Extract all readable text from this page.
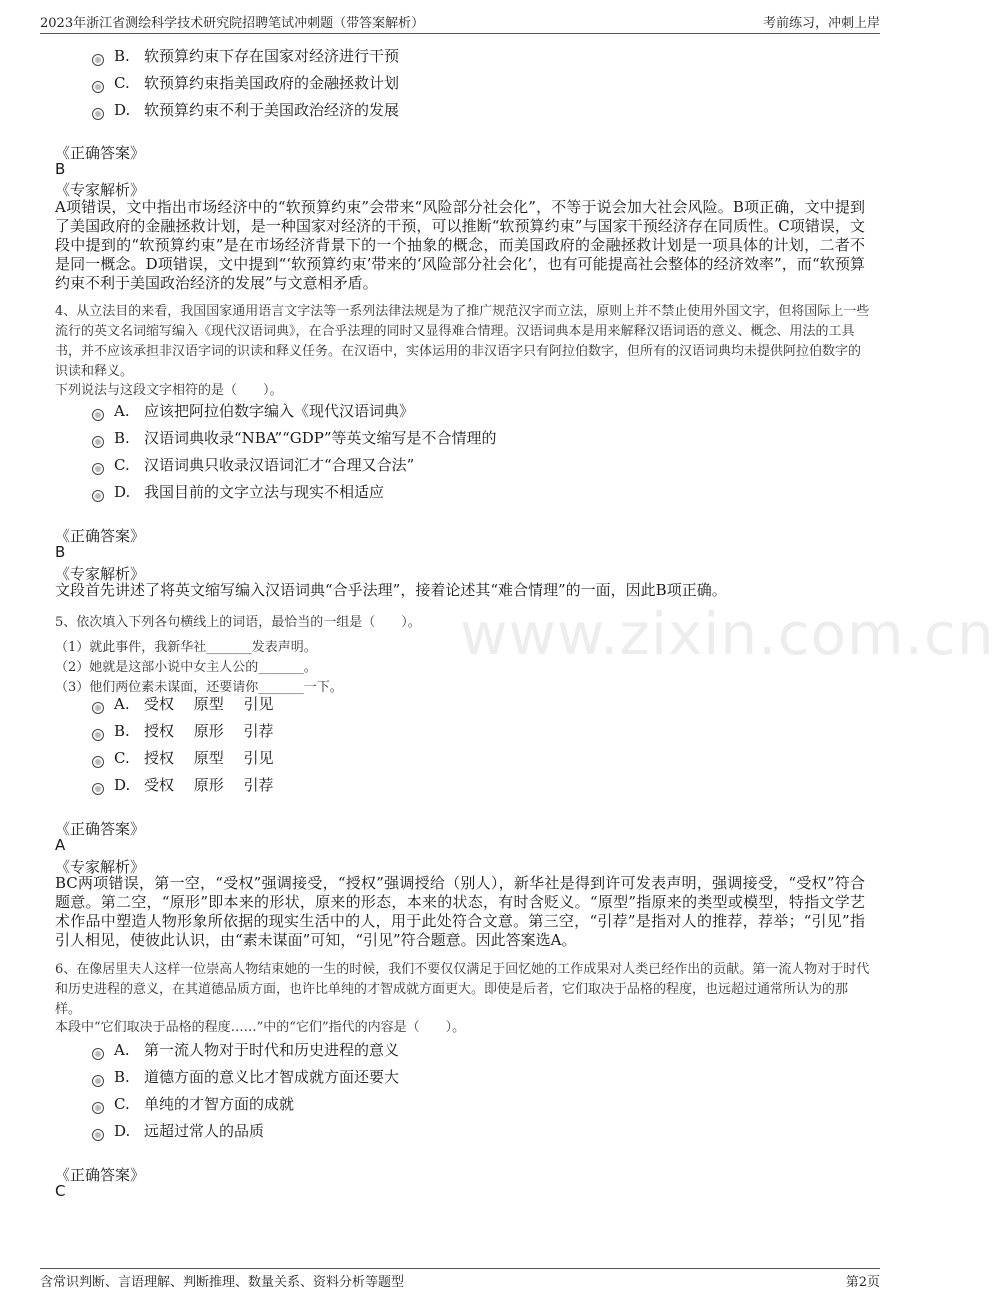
2023年浙江省测绘科学技术研究院招聘笔试冲刺题（带答案解析）	考前练习，冲刺上岸
www.zixin.com.cn
B. 软预算约束下存在国家对经济进行干预
C. 软预算约束指美国政府的金融拯救计划
D. 软预算约束不利于美国政治经济的发展
《正确答案》
B
《专家解析》
A项错误，文中指出市场经济中的“软预算约束”会带来“风险部分社会化”，不等于说会加大社会风险。B项正确，文中提到了美国政府的金融拯救计划，是一种国家对经济的干预，可以推断“软预算约束”与国家干预经济存在同质性。C项错误，文段中提到的“软预算约束”是在市场经济背景下的一个抽象的概念，而美国政府的金融拯救计划是一项具体的计划，二者不是同一概念。D项错误，文中提到“‘软预算约束’带来的‘风险部分社会化’，也有可能提高社会整体的经济效率”，而“软预算约束不利于美国政治经济的发展”与文意相矛盾。
4、从立法目的来看，我国国家通用语言文字法等一系列法律法规是为了推广规范汉字而立法，原则上并不禁止使用外国文字，但将国际上一些流行的英文名词缩写编入《现代汉语词典》，在合乎法理的同时又显得难合情理。汉语词典本是用来解释汉语词语的意义、概念、用法的工具书，并不应该承担非汉语字词的识读和释义任务。在汉语中，实体运用的非汉语字只有阿拉伯数字，但所有的汉语词典均未提供阿拉伯数字的识读和释义。
下列说法与这段文字相符的是（　　）。
A. 应该把阿拉伯数字编入《现代汉语词典》
B. 汉语词典收录“NBA”“GDP”等英文缩写是不合情理的
C. 汉语词典只收录汉语词汇才“合理又合法”
D. 我国目前的文字立法与现实不相适应
《正确答案》
B
《专家解析》
文段首先讲述了将英文缩写编入汉语词典“合乎法理”，接着论述其“难合情理”的一面，因此B项正确。
5、依次填入下列各句横线上的词语，最恰当的一组是（　　）。
（1）就此事件，我新华社_______发表声明。
（2）她就是这部小说中女主人公的_______。
（3）他们两位素未谋面，还要请你_______一下。
A. 受权　 原型　 引见
B. 授权　 原形　 引荐
C. 授权　 原型　 引见
D. 受权　 原形　 引荐
《正确答案》
A
《专家解析》
BC两项错误，第一空，“受权”强调接受，“授权”强调授给（别人），新华社是得到许可发表声明，强调接受，“受权”符合题意。第二空，“原形”即本来的形状，原来的形态，本来的状态，有时含贬义。“原型”指原来的类型或模型，特指文学艺术作品中塑造人物形象所依据的现实生活中的人，用于此处符合文意。第三空，“引荐”是指对人的推荐，荐举；“引见”指引人相见，使彼此认识，由“素未谋面”可知，“引见”符合题意。因此答案选A。
6、在像居里夫人这样一位崇高人物结束她的一生的时候，我们不要仅仅满足于回忆她的工作成果对人类已经作出的贡献。第一流人物对于时代和历史进程的意义，在其道德品质方面，也许比单纯的才智成就方面更大。即使是后者，它们取决于品格的程度，也远超过通常所认为的那样。
本段中“它们取决于品格的程度……”中的“它们”指代的内容是（　　）。
A. 第一流人物对于时代和历史进程的意义
B. 道德方面的意义比才智成就方面还要大
C. 单纯的才智方面的成就
D. 远超过常人的品质
《正确答案》
C
含常识判断、言语理解、判断推理、数量关系、资料分析等题型	第2页
